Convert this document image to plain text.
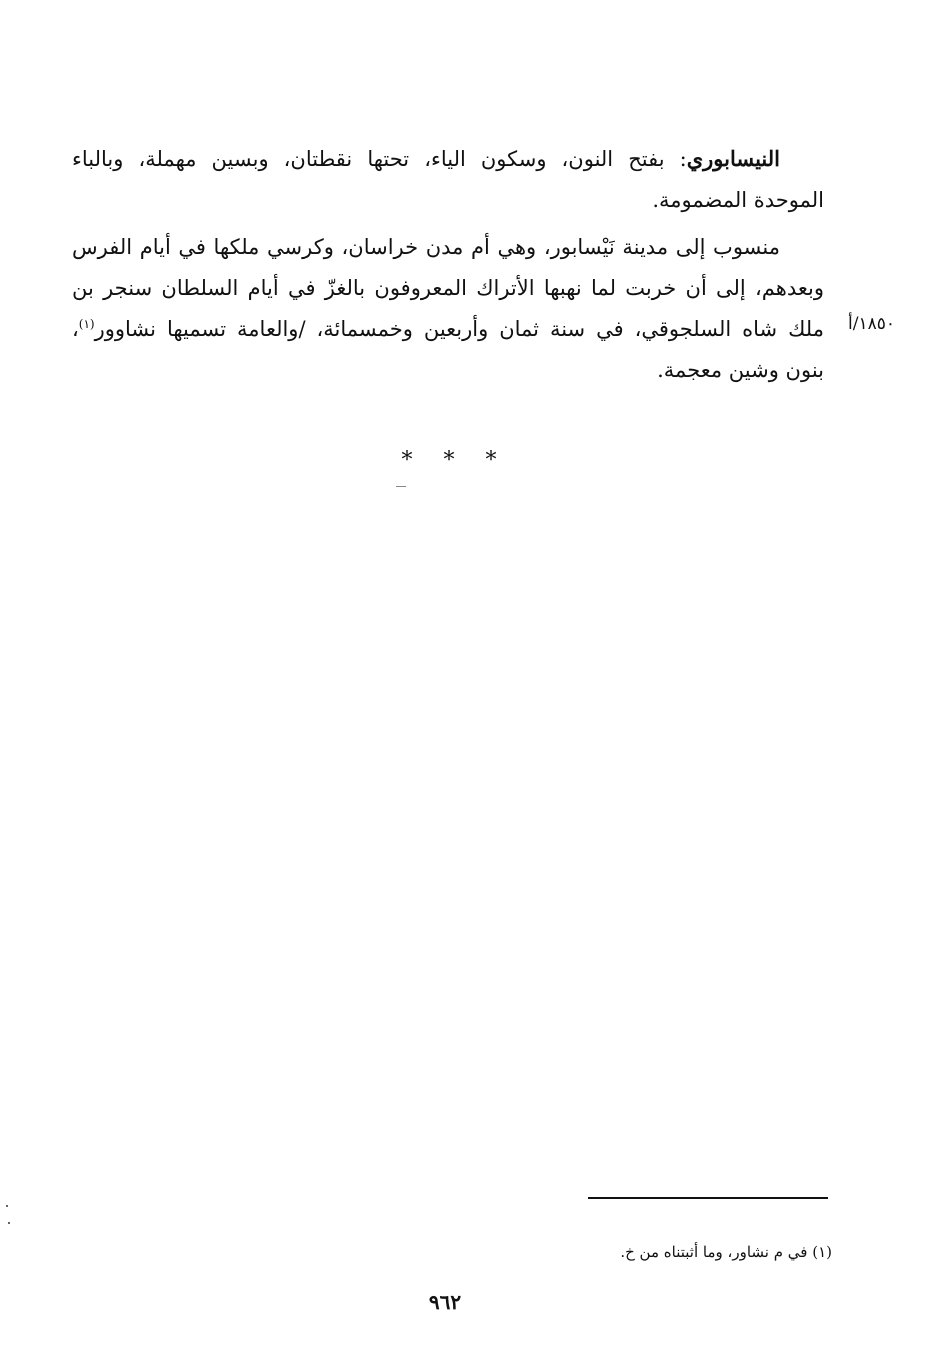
النيسابوري: بفتح النون، وسكون الياء، تحتها نقطتان، وبسين مهملة، وبالباء الموحدة المضمومة.

منسوب إلى مدينة نَيْسابور، وهي أم مدن خراسان، وكرسي ملكها في أيام الفرس وبعدهم، إلى أن خربت لما نهبها الأتراك المعروفون بالغزّ في أيام السلطان سنجر بن ملك شاه السلجوقي، في سنة ثمان وأربعين وخمسمائة، /والعامة تسميها نشاوور$^{(١)}$، بنون وشين معجمة.

١٨٥٠/أ
* * *
(١) في م نشاور، وما أثبتناه من خ.
٩٦٢
